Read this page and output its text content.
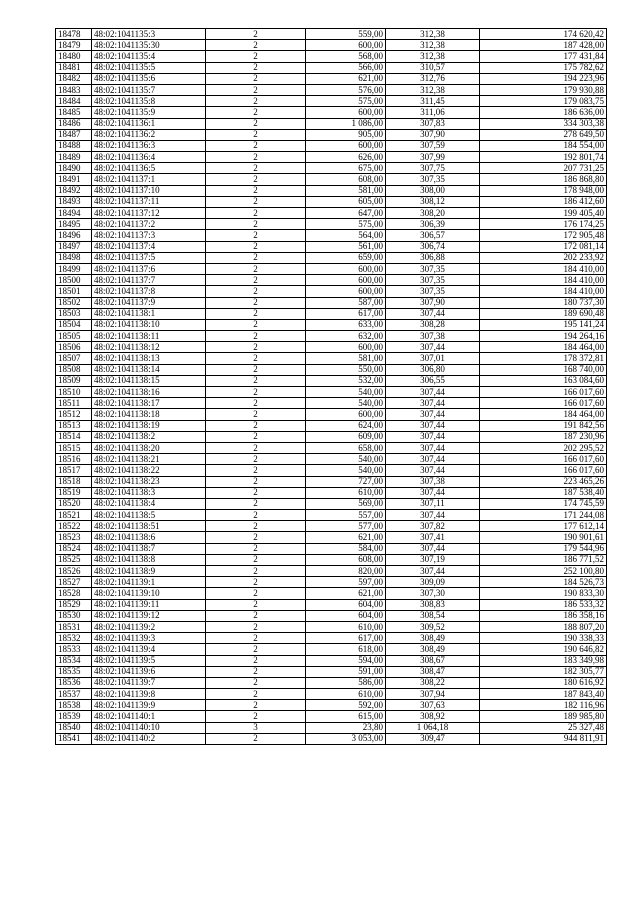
18478	48:02:1041135:3	2	559,00	312,38	174 620,42
18479	48:02:1041135:30	2	600,00	312,38	187 428,00
18480	48:02:1041135:4	2	568,00	312,38	177 431,84
18481	48:02:1041135:5	2	566,00	310,57	175 782,62
18482	48:02:1041135:6	2	621,00	312,76	194 223,96
18483	48:02:1041135:7	2	576,00	312,38	179 930,88
18484	48:02:1041135:8	2	575,00	311,45	179 083,75
18485	48:02:1041135:9	2	600,00	311,06	186 636,00
18486	48:02:1041136:1	2	1 086,00	307,83	334 303,38
18487	48:02:1041136:2	2	905,00	307,90	278 649,50
18488	48:02:1041136:3	2	600,00	307,59	184 554,00
18489	48:02:1041136:4	2	626,00	307,99	192 801,74
18490	48:02:1041136:5	2	675,00	307,75	207 731,25
18491	48:02:1041137:1	2	608,00	307,35	186 868,80
18492	48:02:1041137:10	2	581,00	308,00	178 948,00
18493	48:02:1041137:11	2	605,00	308,12	186 412,60
18494	48:02:1041137:12	2	647,00	308,20	199 405,40
18495	48:02:1041137:2	2	575,00	306,39	176 174,25
18496	48:02:1041137:3	2	564,00	306,57	172 905,48
18497	48:02:1041137:4	2	561,00	306,74	172 081,14
18498	48:02:1041137:5	2	659,00	306,88	202 233,92
18499	48:02:1041137:6	2	600,00	307,35	184 410,00
18500	48:02:1041137:7	2	600,00	307,35	184 410,00
18501	48:02:1041137:8	2	600,00	307,35	184 410,00
18502	48:02:1041137:9	2	587,00	307,90	180 737,30
18503	48:02:1041138:1	2	617,00	307,44	189 690,48
18504	48:02:1041138:10	2	633,00	308,28	195 141,24
18505	48:02:1041138:11	2	632,00	307,38	194 264,16
18506	48:02:1041138:12	2	600,00	307,44	184 464,00
18507	48:02:1041138:13	2	581,00	307,01	178 372,81
18508	48:02:1041138:14	2	550,00	306,80	168 740,00
18509	48:02:1041138:15	2	532,00	306,55	163 084,60
18510	48:02:1041138:16	2	540,00	307,44	166 017,60
18511	48:02:1041138:17	2	540,00	307,44	166 017,60
18512	48:02:1041138:18	2	600,00	307,44	184 464,00
18513	48:02:1041138:19	2	624,00	307,44	191 842,56
18514	48:02:1041138:2	2	609,00	307,44	187 230,96
18515	48:02:1041138:20	2	658,00	307,44	202 295,52
18516	48:02:1041138:21	2	540,00	307,44	166 017,60
18517	48:02:1041138:22	2	540,00	307,44	166 017,60
18518	48:02:1041138:23	2	727,00	307,38	223 465,26
18519	48:02:1041138:3	2	610,00	307,44	187 538,40
18520	48:02:1041138:4	2	569,00	307,11	174 745,59
18521	48:02:1041138:5	2	557,00	307,44	171 244,08
18522	48:02:1041138:51	2	577,00	307,82	177 612,14
18523	48:02:1041138:6	2	621,00	307,41	190 901,61
18524	48:02:1041138:7	2	584,00	307,44	179 544,96
18525	48:02:1041138:8	2	608,00	307,19	186 771,52
18526	48:02:1041138:9	2	820,00	307,44	252 100,80
18527	48:02:1041139:1	2	597,00	309,09	184 526,73
18528	48:02:1041139:10	2	621,00	307,30	190 833,30
18529	48:02:1041139:11	2	604,00	308,83	186 533,32
18530	48:02:1041139:12	2	604,00	308,54	186 358,16
18531	48:02:1041139:2	2	610,00	309,52	188 807,20
18532	48:02:1041139:3	2	617,00	308,49	190 338,33
18533	48:02:1041139:4	2	618,00	308,49	190 646,82
18534	48:02:1041139:5	2	594,00	308,67	183 349,98
18535	48:02:1041139:6	2	591,00	308,47	182 305,77
18536	48:02:1041139:7	2	586,00	308,22	180 616,92
18537	48:02:1041139:8	2	610,00	307,94	187 843,40
18538	48:02:1041139:9	2	592,00	307,63	182 116,96
18539	48:02:1041140:1	2	615,00	308,92	189 985,80
18540	48:02:1041140:10	3	23,80	1 064,18	25 327,48
18541	48:02:1041140:2	2	3 053,00	309,47	944 811,91
